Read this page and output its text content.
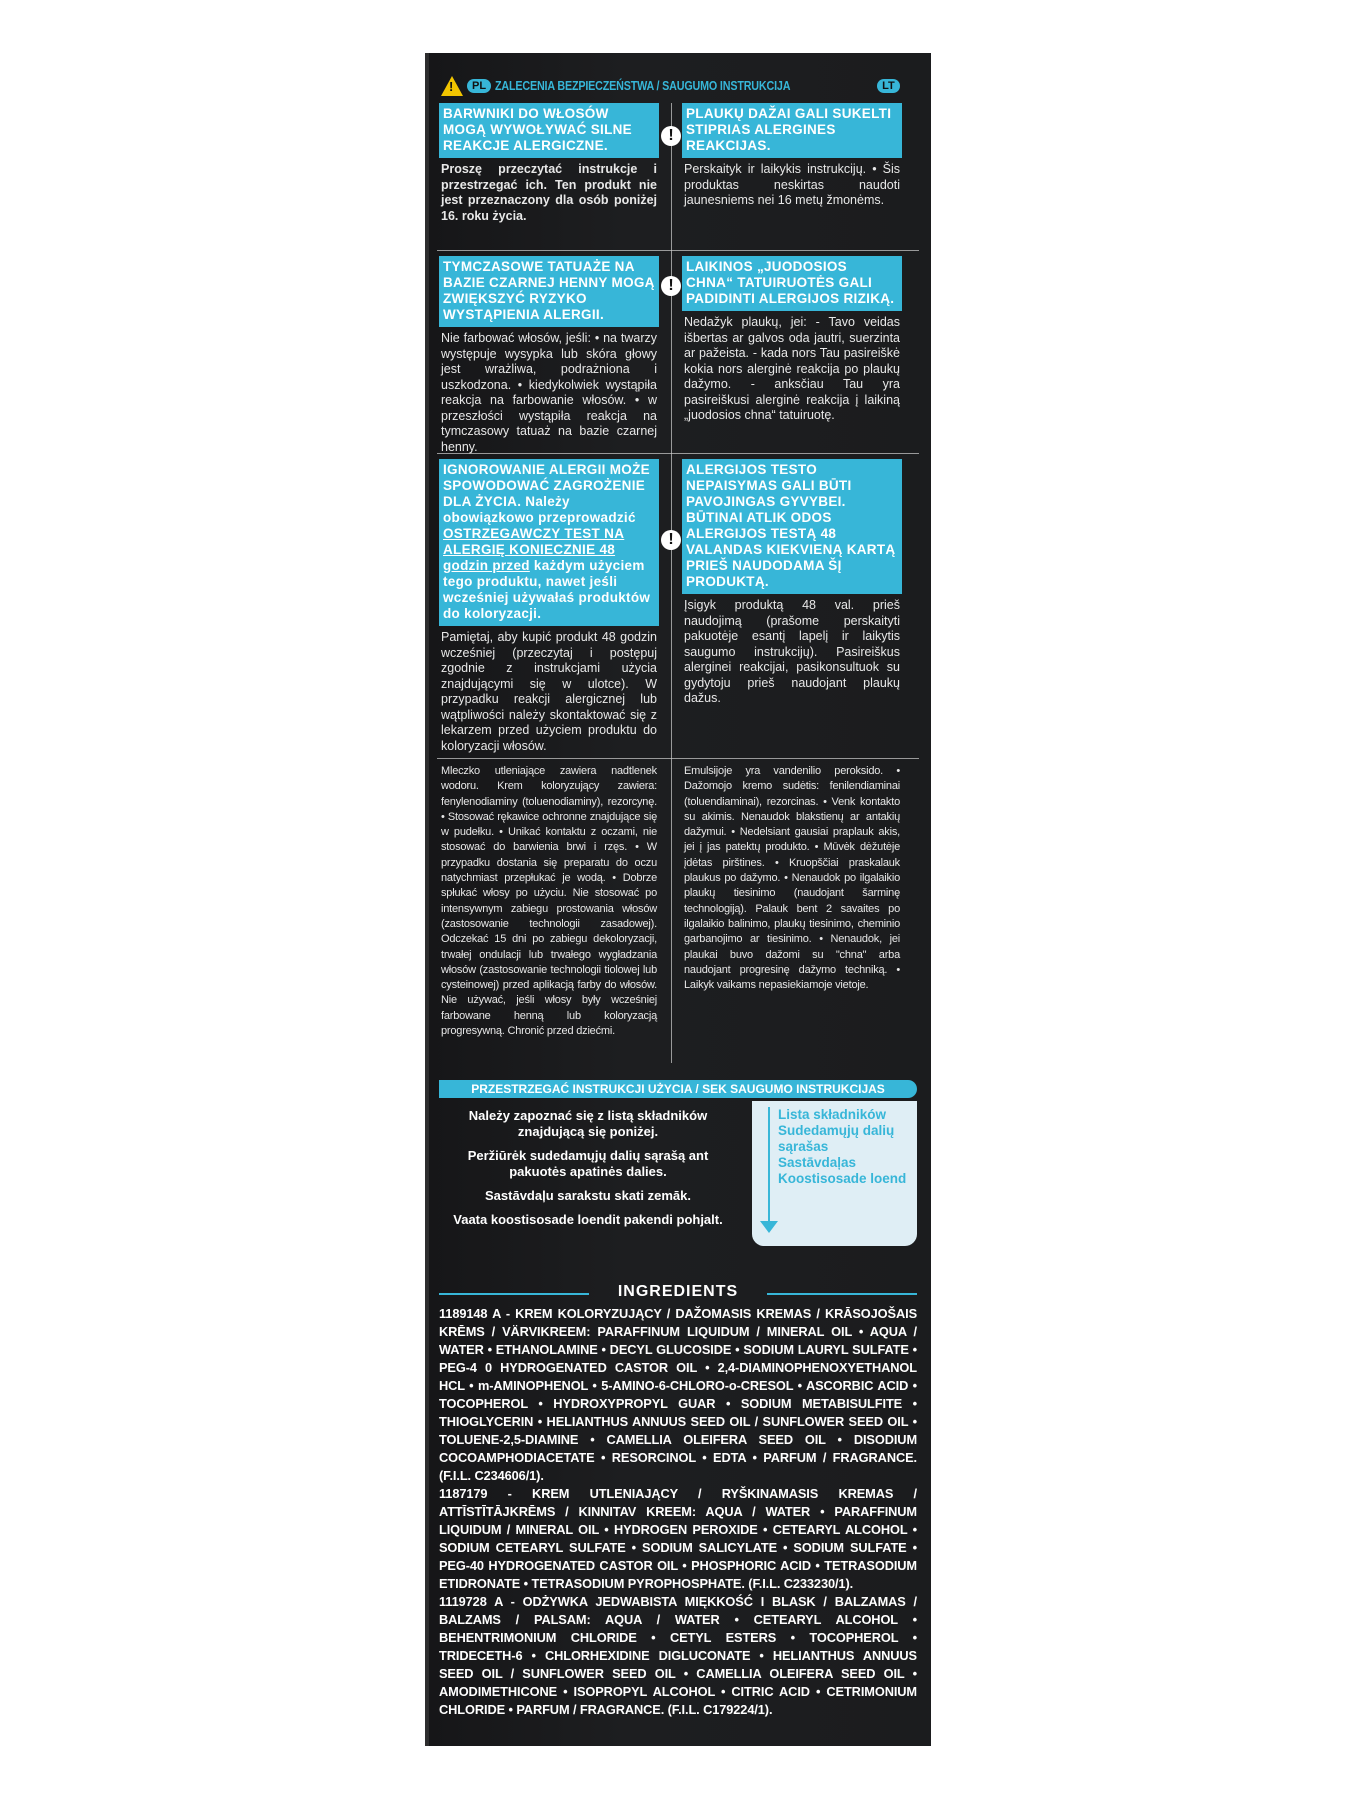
!	PL ZALECENIA BEZPIECZEŃSTWA / SAUGUMO INSTRUKCIJA	LT
BARWNIKI DO WŁOSÓW MOGĄ WYWOŁYWAĆ SILNE REAKCJE ALERGICZNE.
Proszę przeczytać instrukcje i przestrzegać ich. Ten produkt nie jest przeznaczony dla osób poniżej 16. roku życia.
PLAUKŲ DAŽAI GALI SUKELTI STIPRIAS ALERGINES REAKCIJAS.
Perskaityk ir laikykis instrukcijų. • Šis produktas neskirtas naudoti jaunesniems nei 16 metų žmonėms.
!
TYMCZASOWE TATUAŻE NA BAZIE CZARNEJ HENNY MOGĄ ZWIĘKSZYĆ RYZYKO WYSTĄPIENIA ALERGII.
Nie farbować włosów, jeśli: • na twarzy występuje wysypka lub skóra głowy jest wrażliwa, podrażniona i uszkodzona. • kiedykolwiek wystąpiła reakcja na farbowanie włosów. • w przeszłości wystąpiła reakcja na tymczasowy tatuaż na bazie czarnej henny.
LAIKINOS „JUODOSIOS CHNA“ TATUIRUOTĖS GALI PADIDINTI ALERGIJOS RIZIKĄ.
Nedažyk plaukų, jei: - Tavo veidas išbertas ar galvos oda jautri, suerzinta ar pažeista. - kada nors Tau pasireiškė kokia nors alerginė reakcija po plaukų dažymo. - anksčiau Tau yra pasireiškusi alerginė reakcija į laikiną „juodosios chna“ tatuiruotę.
!
IGNOROWANIE ALERGII MOŻE SPOWODOWAĆ ZAGROŻENIE DLA ŻYCIA. Należy obowiązkowo przeprowadzić OSTRZEGAWCZY TEST NA ALERGIĘ KONIECZNIE 48 godzin przed każdym użyciem tego produktu, nawet jeśli wcześniej używałaś produktów do koloryzacji.
Pamiętaj, aby kupić produkt 48 godzin wcześniej (przeczytaj i postępuj zgodnie z instrukcjami użycia znajdującymi się w ulotce). W przypadku reakcji alergicznej lub wątpliwości należy skontaktować się z lekarzem przed użyciem produktu do koloryzacji włosów.
ALERGIJOS TESTO NEPAISYMAS GALI BŪTI PAVOJINGAS GYVYBEI. BŪTINAI ATLIK ODOS ALERGIJOS TESTĄ 48 VALANDAS KIEKVIENĄ KARTĄ PRIEŠ NAUDODAMA ŠĮ PRODUKTĄ.
Įsigyk produktą 48 val. prieš naudojimą (prašome perskaityti pakuotėje esantį lapelį ir laikytis saugumo instrukcijų). Pasireiškus alerginei reakcijai, pasikonsultuok su gydytoju prieš naudojant plaukų dažus.
!
Mleczko utleniające zawiera nadtlenek wodoru. Krem koloryzujący zawiera: fenylenodiaminy (toluenodiaminy), rezorcynę. • Stosować rękawice ochronne znajdujące się w pudełku. • Unikać kontaktu z oczami, nie stosować do barwienia brwi i rzęs. • W przypadku dostania się preparatu do oczu natychmiast przepłukać je wodą. • Dobrze spłukać włosy po użyciu. Nie stosować po intensywnym zabiegu prostowania włosów (zastosowanie technologii zasadowej). Odczekać 15 dni po zabiegu dekoloryzacji, trwałej ondulacji lub trwałego wygładzania włosów (zastosowanie technologii tiolowej lub cysteinowej) przed aplikacją farby do włosów. Nie używać, jeśli włosy były wcześniej farbowane henną lub koloryzacją progresywną. Chronić przed dziećmi.
Emulsijoje yra vandenilio peroksido. • Dažomojo kremo sudėtis: fenilendiaminai (toluendiaminai), rezorcinas. • Venk kontakto su akimis. Nenaudok blakstienų ar antakių dažymui. • Nedelsiant gausiai praplauk akis, jei į jas patektų produkto. • Mūvėk dėžutėje įdėtas pirštines. • Kruopščiai praskalauk plaukus po dažymo. • Nenaudok po ilgalaikio plaukų tiesinimo (naudojant šarminę technologiją). Palauk bent 2 savaites po ilgalaikio balinimo, plaukų tiesinimo, cheminio garbanojimo ar tiesinimo. • Nenaudok, jei plaukai buvo dažomi su "chna" arba naudojant progresinę dažymo techniką. • Laikyk vaikams nepasiekiamoje vietoje.
PRZESTRZEGAĆ INSTRUKCJI UŻYCIA / SEK SAUGUMO INSTRUKCIJAS

Należy zapoznać się z listą składników znajdującą się poniżej.

Peržiūrėk sudedamųjų dalių sąrašą ant pakuotės apatinės dalies.

Sastāvdaļu sarakstu skati zemāk.

Vaata koostisosade loendit pakendi pohjalt.

Lista składników
Sudedamųjų dalių sąrašas
Sastāvdaļas
Koostisosade loend
INGREDIENTS

1189148 A - KREM KOLORYZUJĄCY / DAŽOMASIS KREMAS / KRĀSOJOŠAIS KRĒMS / VÄRVIKREEM: PARAFFINUM LIQUIDUM / MINERAL OIL • AQUA / WATER • ETHANOLAMINE • DECYL GLUCOSIDE • SODIUM LAURYL SULFATE • PEG-4 0 HYDROGENATED CASTOR OIL • 2,4-DIAMINOPHENOXYETHANOL HCL • m-AMINOPHENOL • 5-AMINO-6-CHLORO-o-CRESOL • ASCORBIC ACID • TOCOPHEROL • HYDROXYPROPYL GUAR • SODIUM METABISULFITE • THIOGLYCERIN • HELIANTHUS ANNUUS SEED OIL / SUNFLOWER SEED OIL • TOLUENE-2,5-DIAMINE • CAMELLIA OLEIFERA SEED OIL • DISODIUM COCOAMPHODIACETATE • RESORCINOL • EDTA • PARFUM / FRAGRANCE. (F.I.L. C234606/1).

1187179 - KREM UTLENIAJĄCY / RYŠKINAMASIS KREMAS / ATTĪSTĪTĀJKRĒMS / KINNITAV KREEM: AQUA / WATER • PARAFFINUM LIQUIDUM / MINERAL OIL • HYDROGEN PEROXIDE • CETEARYL ALCOHOL • SODIUM CETEARYL SULFATE • SODIUM SALICYLATE • SODIUM SULFATE • PEG-40 HYDROGENATED CASTOR OIL • PHOSPHORIC ACID • TETRASODIUM ETIDRONATE • TETRASODIUM PYROPHOSPHATE. (F.I.L. C233230/1).

1119728 A - ODŻYWKA JEDWABISTA MIĘKKOŚĆ I BLASK / BALZAMAS / BALZAMS / PALSAM: AQUA / WATER • CETEARYL ALCOHOL • BEHENTRIMONIUM CHLORIDE • CETYL ESTERS • TOCOPHEROL • TRIDECETH-6 • CHLORHEXIDINE DIGLUCONATE • HELIANTHUS ANNUUS SEED OIL / SUNFLOWER SEED OIL • CAMELLIA OLEIFERA SEED OIL • AMODIMETHICONE • ISOPROPYL ALCOHOL • CITRIC ACID • CETRIMONIUM CHLORIDE • PARFUM / FRAGRANCE. (F.I.L. C179224/1).
